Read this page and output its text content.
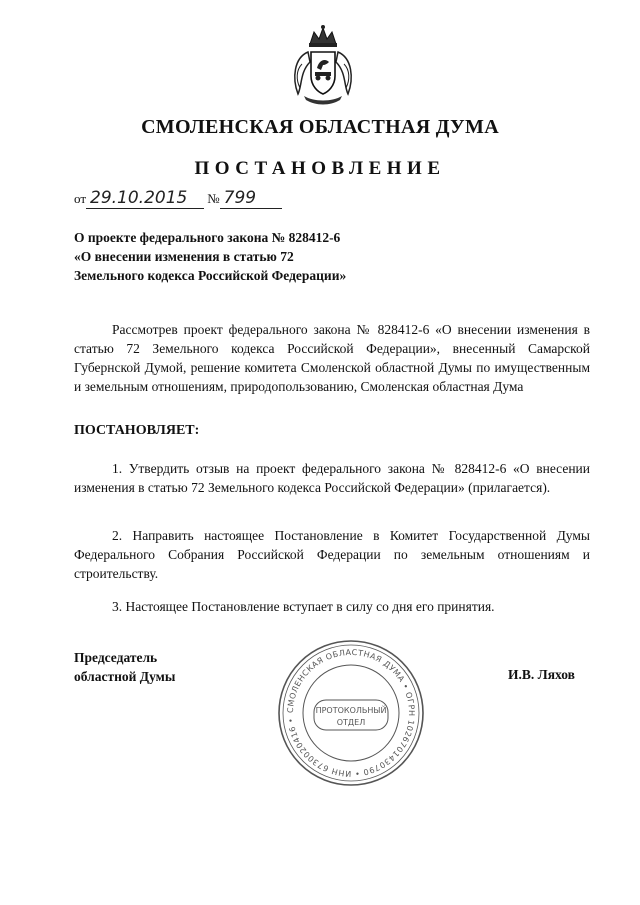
СМОЛЕНСКАЯ ОБЛАСТНАЯ ДУМА
ПОСТАНОВЛЕНИЕ
от 29.10.2015 № 799
О проекте федерального закона № 828412-6
«О внесении изменения в статью 72
Земельного кодекса Российской Федерации»
Рассмотрев проект федерального закона № 828412-6 «О внесении изменения в статью 72 Земельного кодекса Российской Федерации», внесенный Самарской Губернской Думой, решение комитета Смоленской областной Думы по имущественным и земельным отношениям, природопользованию, Смоленская областная Дума
ПОСТАНОВЛЯЕТ:
1. Утвердить отзыв на проект федерального закона № 828412-6 «О внесении изменения в статью 72 Земельного кодекса Российской Федерации» (прилагается).
2. Направить настоящее Постановление в Комитет Государственной Думы Федерального Собрания Российской Федерации по земельным отношениям и строительству.
3. Настоящее Постановление вступает в силу со дня его принятия.
Председатель
областной Думы	И.В. Ляхов
СМОЛЕНСКАЯ ОБЛАСТНАЯ ДУМА • ОГРН 1026701430790 • ИНН 6730020416 •
ПРОТОКОЛЬНЫЙ
ОТДЕЛ
